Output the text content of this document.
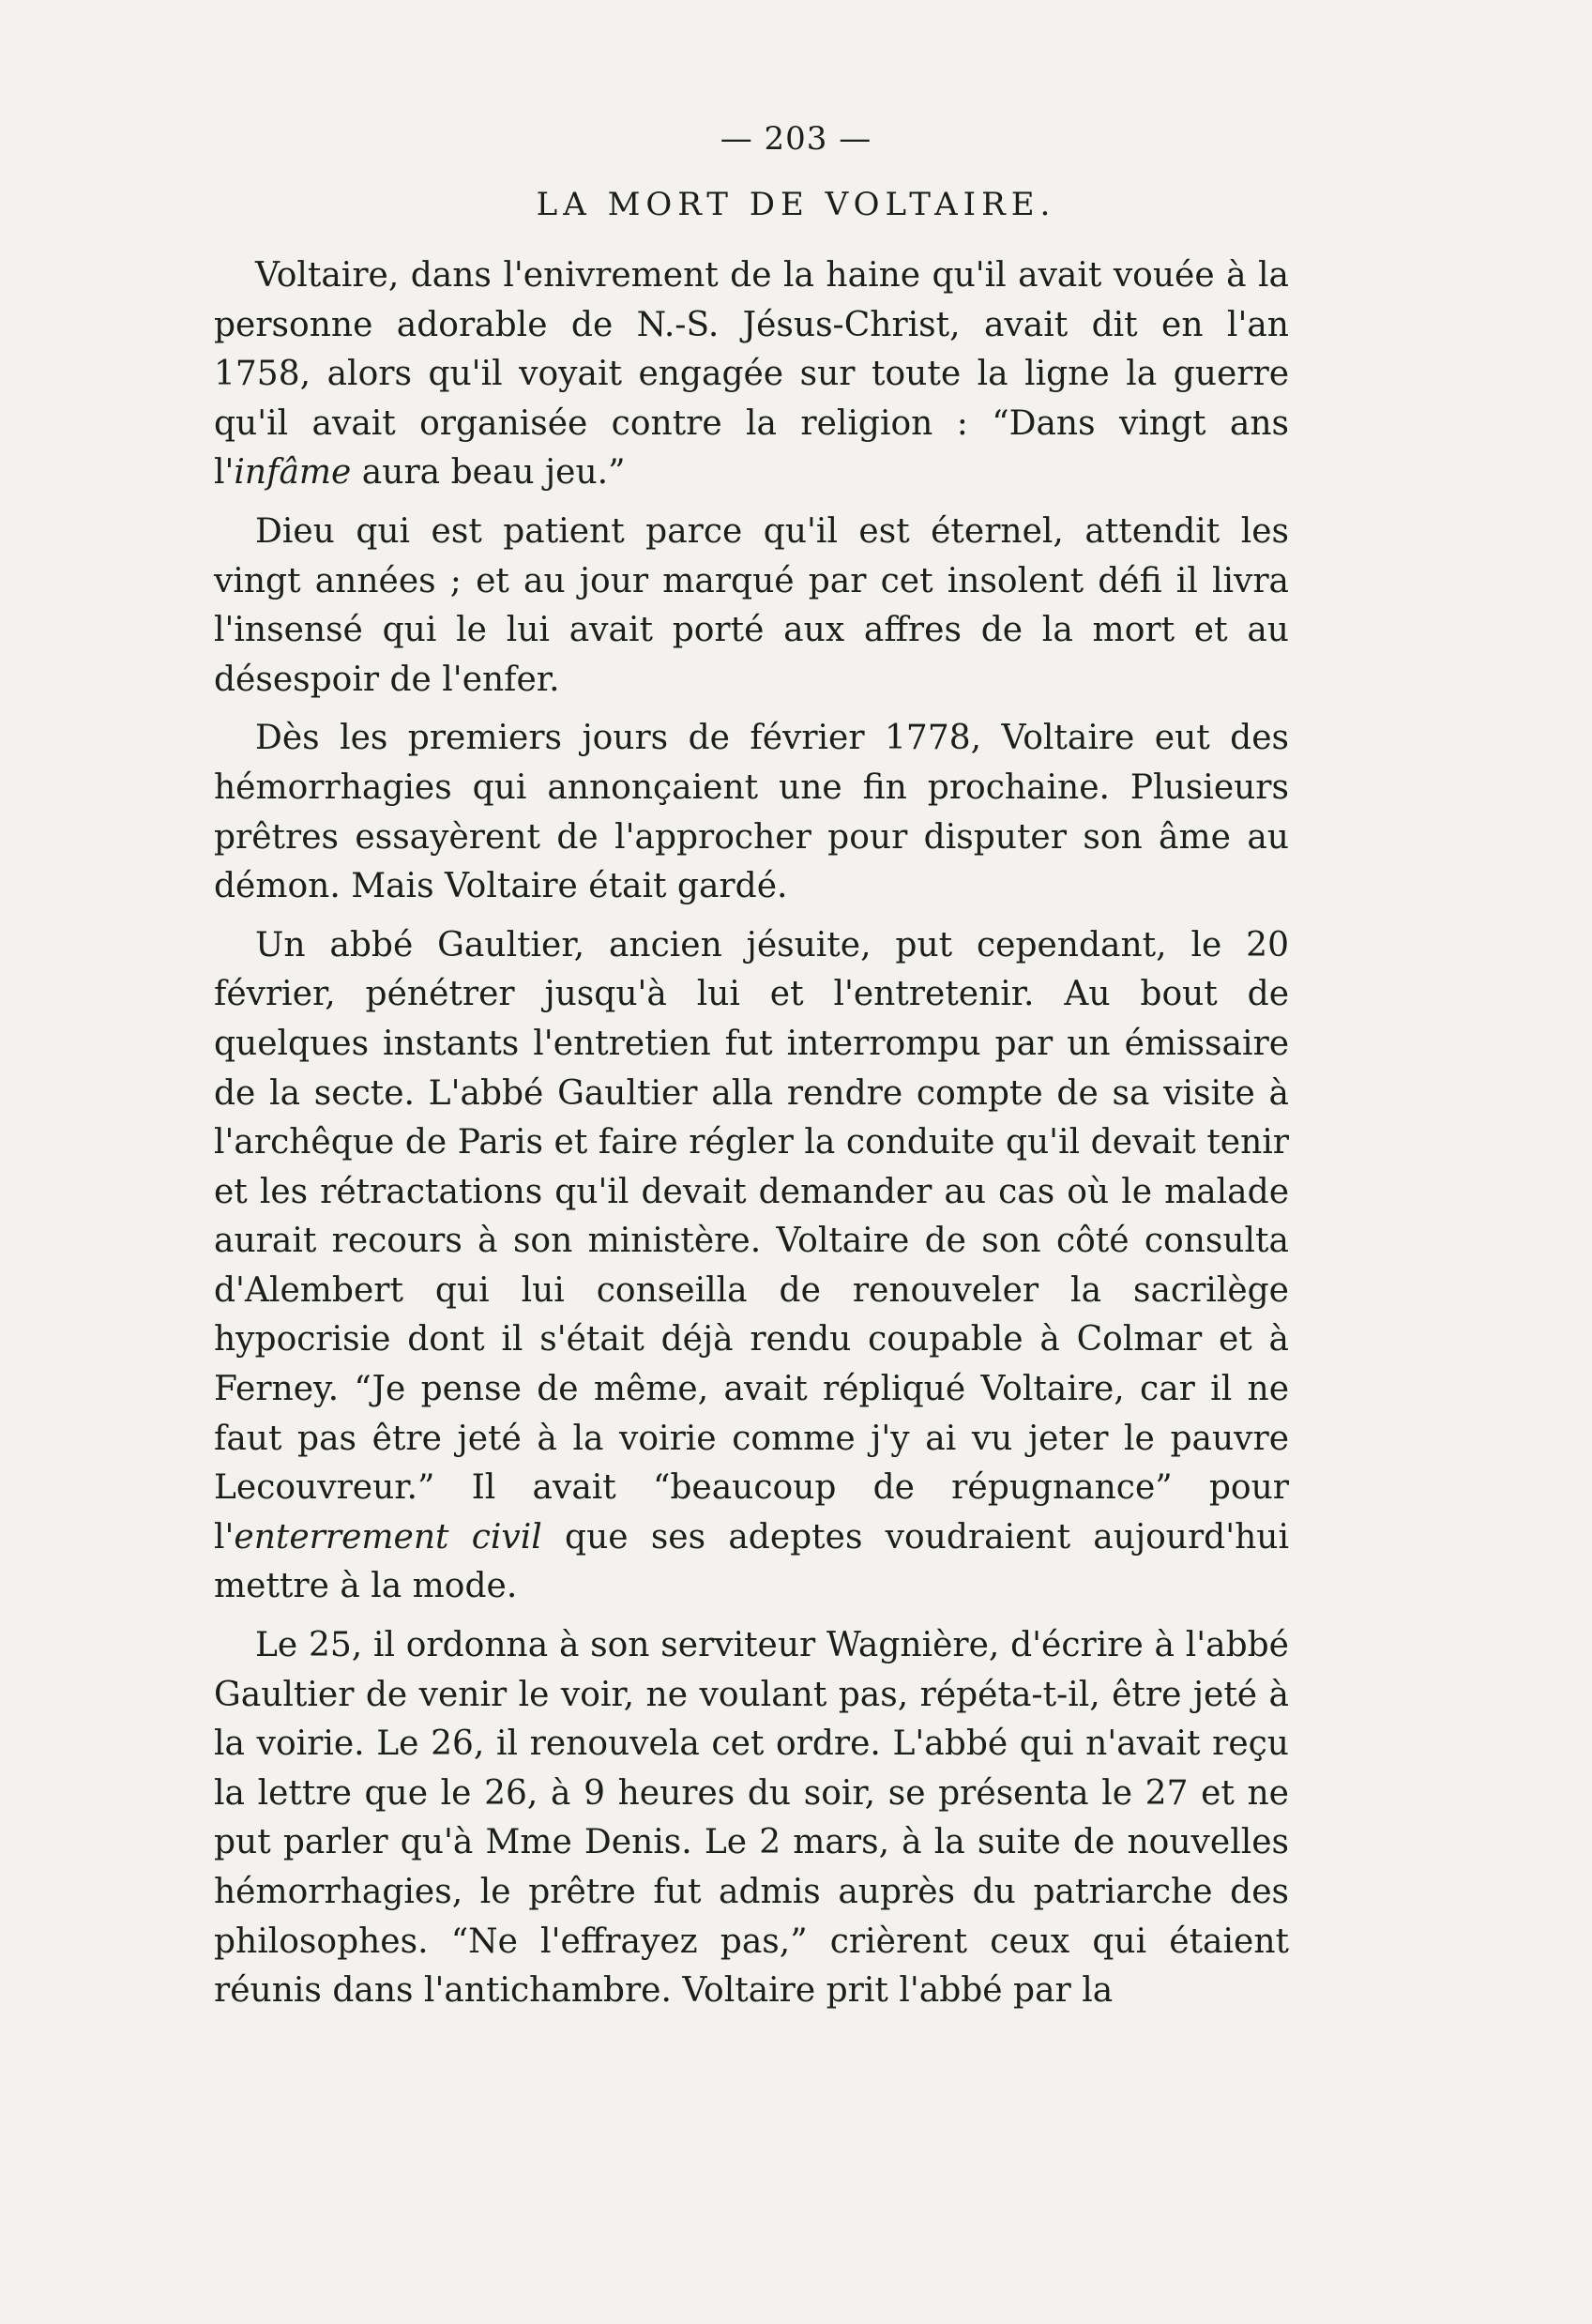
— 203 —
LA MORT DE VOLTAIRE.

Voltaire, dans l'enivrement de la haine qu'il avait vouée à la personne adorable de N.-S. Jésus-Christ, avait dit en l'an 1758, alors qu'il voyait engagée sur toute la ligne la guerre qu'il avait organisée contre la religion : “Dans vingt ans l'infâme aura beau jeu.”

Dieu qui est patient parce qu'il est éternel, attendit les vingt années ; et au jour marqué par cet insolent défi il livra l'insensé qui le lui avait porté aux affres de la mort et au désespoir de l'enfer.

Dès les premiers jours de février 1778, Voltaire eut des hémorrhagies qui annonçaient une fin prochaine. Plusieurs prêtres essayèrent de l'approcher pour disputer son âme au démon. Mais Voltaire était gardé.

Un abbé Gaultier, ancien jésuite, put cependant, le 20 février, pénétrer jusqu'à lui et l'entretenir. Au bout de quelques instants l'entretien fut interrompu par un émissaire de la secte. L'abbé Gaultier alla rendre compte de sa visite à l'archêque de Paris et faire régler la conduite qu'il devait tenir et les rétractations qu'il devait demander au cas où le malade aurait recours à son ministère. Voltaire de son côté consulta d'Alembert qui lui conseilla de renouveler la sacrilège hypocrisie dont il s'était déjà rendu coupable à Colmar et à Ferney. “Je pense de même, avait répliqué Voltaire, car il ne faut pas être jeté à la voirie comme j'y ai vu jeter le pauvre Lecouvreur.” Il avait “beaucoup de répugnance” pour l'enterrement civil que ses adeptes voudraient aujourd'hui mettre à la mode.

Le 25, il ordonna à son serviteur Wagnière, d'écrire à l'abbé Gaultier de venir le voir, ne voulant pas, répéta-t-il, être jeté à la voirie. Le 26, il renouvela cet ordre. L'abbé qui n'avait reçu la lettre que le 26, à 9 heures du soir, se présenta le 27 et ne put parler qu'à Mme Denis. Le 2 mars, à la suite de nouvelles hémorrhagies, le prêtre fut admis auprès du patriarche des philosophes. “Ne l'effrayez pas,” crièrent ceux qui étaient réunis dans l'antichambre. Voltaire prit l'abbé par la
